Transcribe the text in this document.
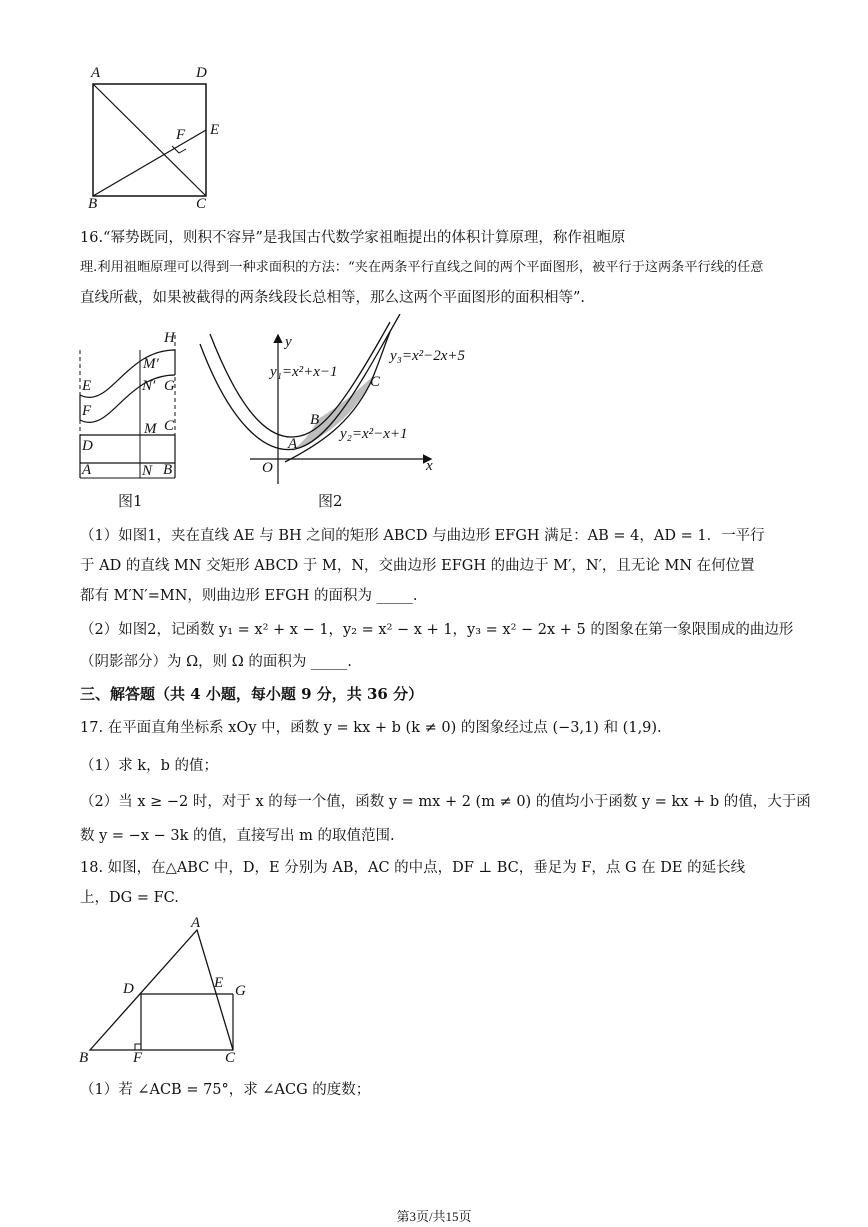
A	D
F E
B	C
16.“幂势既同，则积不容异”是我国古代数学家祖暅提出的体积计算原理，称作祖暅原
理.利用祖暅原理可以得到一种求面积的方法：“夹在两条平行直线之间的两个平面图形，被平行于这两条平行线的任意
直线所截，如果被截得的两条线段长总相等，那么这两个平面图形的面积相等”.
H
M′
N′ G
E
F
M C
D
A	N B
图1
y
x
O
A
B
C
y₁=x²+x−1
y₂=x²−x+1
y₃=x²−2x+5
图2
（1）如图1，夹在直线 AE 与 BH 之间的矩形 ABCD 与曲边形 EFGH 满足：AB = 4，AD = 1．一平行
于 AD 的直线 MN 交矩形 ABCD 于 M，N，交曲边形 EFGH 的曲边于 M′，N′，且无论 MN 在何位置
都有 M′N′=MN，则曲边形 EFGH 的面积为 _____.
（2）如图2，记函数 y₁ = x² + x − 1，y₂ = x² − x + 1，y₃ = x² − 2x + 5 的图象在第一象限围成的曲边形
（阴影部分）为 Ω，则 Ω 的面积为 _____.
三、解答题（共 4 小题，每小题 9 分，共 36 分）
17. 在平面直角坐标系 xOy 中，函数 y = kx + b (k ≠ 0) 的图象经过点 (−3,1) 和 (1,9).
（1）求 k，b 的值；
（2）当 x ≥ −2 时，对于 x 的每一个值，函数 y = mx + 2 (m ≠ 0) 的值均小于函数 y = kx + b 的值，大于函
数 y = −x − 3k 的值，直接写出 m 的取值范围.
18. 如图，在△ABC 中，D，E 分别为 AB，AC 的中点，DF ⊥ BC，垂足为 F，点 G 在 DE 的延长线
上，DG = FC.
A
D	E G
B	F	C
（1）若 ∠ACB = 75°，求 ∠ACG 的度数；
第3页/共15页
